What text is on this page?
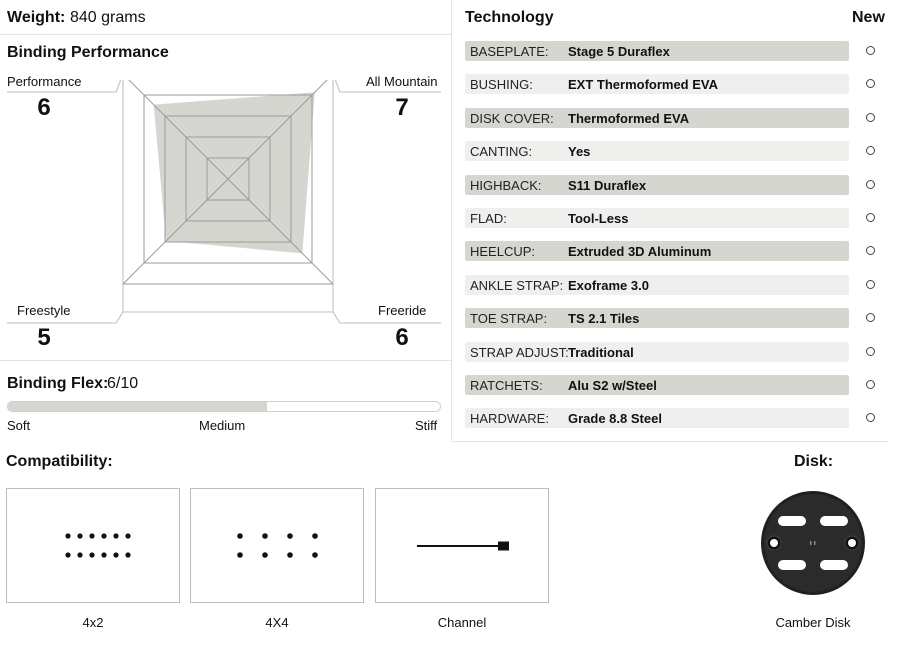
Weight: 840 grams
Binding Performance
Performance
6
All Mountain
7
Freestyle
5
Freeride
6
Binding Flex:
6/10
Soft	Medium	Stiff
Technology	New
BASEPLATE: Stage 5 Duraflex
BUSHING:	EXT Thermoformed EVA
DISK COVER: Thermoformed EVA
CANTING:	Yes
HIGHBACK: S11 Duraflex
FLAD:	Tool-Less
HEELCUP:	Extruded 3D Aluminum
ANKLE STRAP: Exoframe 3.0
TOE STRAP: TS 2.1 Tiles
STRAP ADJUST: Traditional
RATCHETS: Alu S2 w/Steel
HARDWARE: Grade 8.8 Steel
Compatibility:	Disk:
4x2	4X4	Channel	Camber Disk
